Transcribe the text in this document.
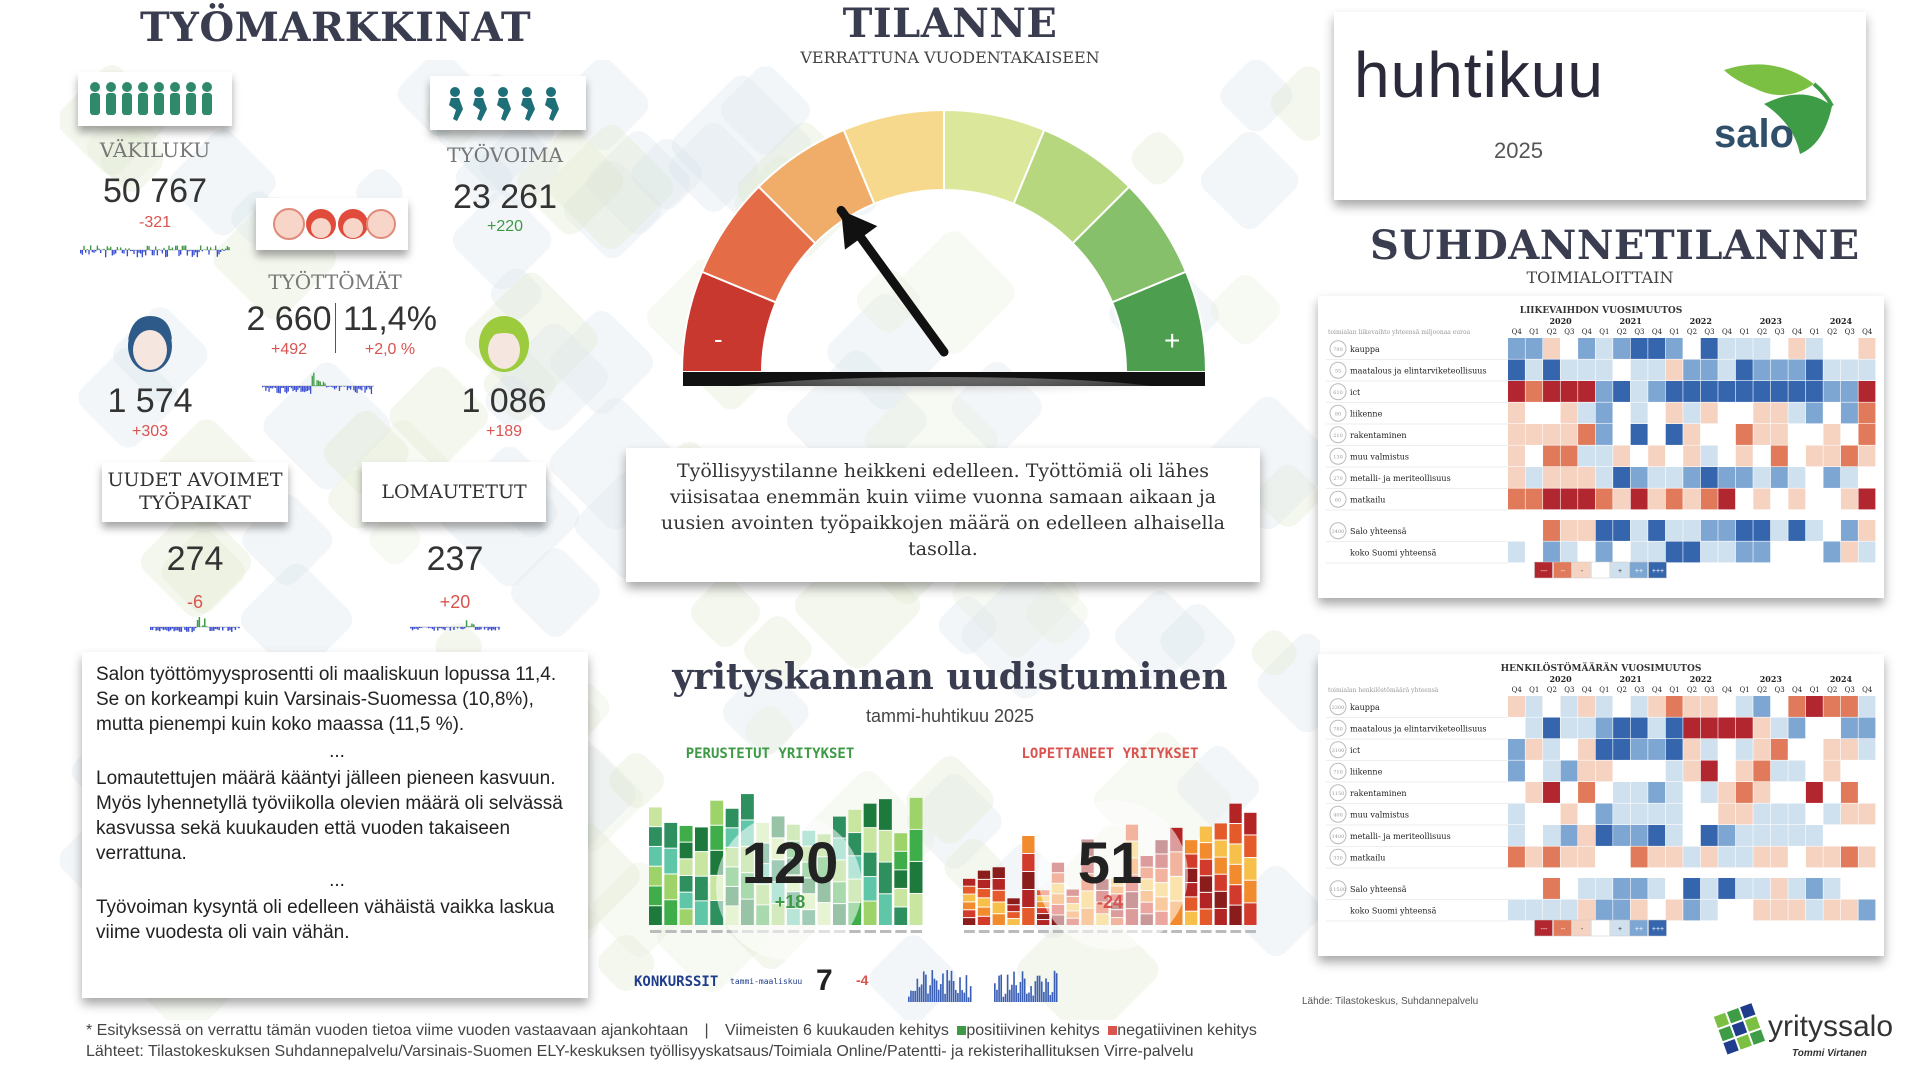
TYÖMARKKINAT
VÄKILUKU
50 767
-321
TYÖVOIMA
23 261
+220
TYÖTTÖMÄT
2 660 11,4%
+492	+2,0 %
1 574
+303
1 086
+189
UUDET AVOIMET TYÖPAIKAT
274
-6
LOMAUTETUT
237
+20
Salon työttömyysprosentti oli maaliskuun lopussa 11,4. Se on korkeampi kuin Varsinais-Suomessa (10,8%), mutta pienempi kuin koko maassa (11,5 %).
...
Lomautettujen määrä kääntyi jälleen pieneen kasvuun. Myös lyhennetyllä työviikolla olevien määrä oli selvässä kasvussa sekä kuukauden että vuoden takaiseen verrattuna.
...
Työvoiman kysyntä oli edelleen vähäistä vaikka laskua viime vuodesta oli vain vähän.
TILANNE
VERRATTUNA VUODENTAKAISEEN
-	+
Työllisyystilanne heikkeni edelleen. Työttömiä oli lähes viisisataa enemmän kuin viime vuonna samaan aikaan ja uusien avointen työpaikkojen määrä on edelleen alhaisella tasolla.
yrityskannan uudistuminen
tammi-huhtikuu 2025
PERUSTETUT YRITYKSET
120
+18
LOPETTANEET YRITYKSET
51
-24
KONKURSSIT tammi-maaliskuu 7 -4
huhtikuu
2025	salo
SUHDANNETILANNE
TOIMIALOITTAIN
LIIKEVAIHDON VUOSIMUUTOS
2020	2021	2022	2023	2024
Q4 Q1 Q2 Q3 Q4 Q1 Q2 Q3 Q4 Q1 Q2 Q3 Q4 Q1 Q2 Q3 Q4 Q1 Q2 Q3 Q4
toimialan liikevaihto yhteensä miljoonaa euroa
790 kauppa
55 maatalous ja elintarviketeollisuus
610 ict
80 liikenne
210 rakentaminen
130 muu valmistus
270 metalli- ja meriteollisuus
60 matkailu
2400 Salo yhteensä
koko Suomi yhteensä
--- -- -	+ ++ +++
HENKILÖSTÖMÄÄRÄN VUOSIMUUTOS
2020	2021	2022	2023	2024
Q4 Q1 Q2 Q3 Q4 Q1 Q2 Q3 Q4 Q1 Q2 Q3 Q4 Q1 Q2 Q3 Q4 Q1 Q2 Q3 Q4
toimialan henkilöstömäärä yhteensä
2300 kauppa
780 maatalous ja elintarviketeollisuus
3100 ict
710 liikenne
1150 rakentaminen
400 muu valmistus
1400 metalli- ja meriteollisuus
330 matkailu
11500 Salo yhteensä
koko Suomi yhteensä
--- -- -	+ ++ +++
Lähde: Tilastokeskus, Suhdannepalvelu
* Esityksessä on verrattu tämän vuoden tietoa viime vuoden vastaavaan ajankohtaan | Viimeisten 6 kuukauden kehitys positiivinen kehitys negatiivinen kehitys
Lähteet: Tilastokeskuksen Suhdannepalvelu/Varsinais-Suomen ELY-keskuksen työllisyyskatsaus/Toimiala Online/Patentti- ja rekisterihallituksen Virre-palvelu
yrityssalo
Tommi Virtanen
